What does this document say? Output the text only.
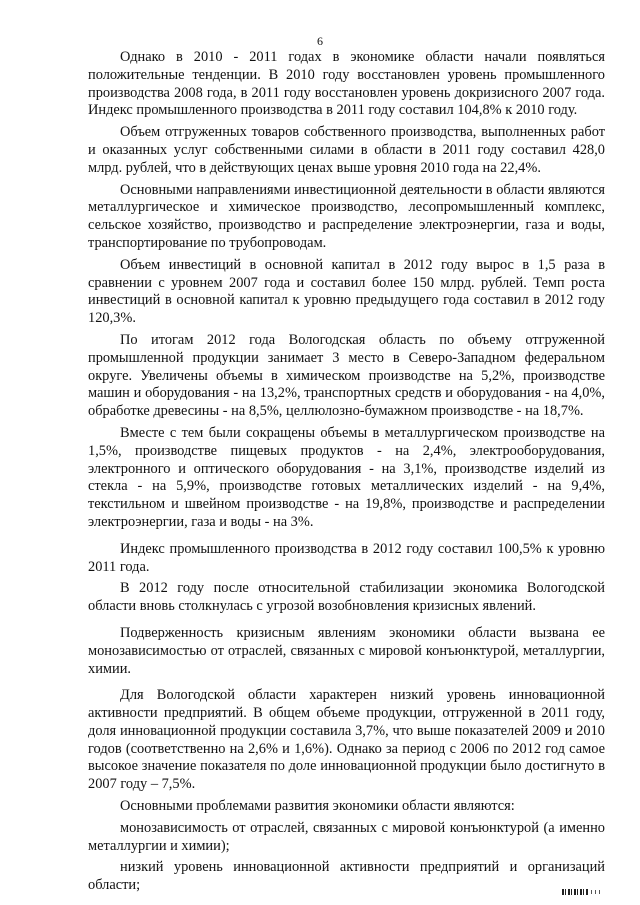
6

Однако в 2010 - 2011 годах в экономике области начали появляться положительные тенденции. В 2010 году восстановлен уровень промышленного производства 2008 года, в 2011 году восстановлен уровень докризисного 2007 года. Индекс промышленного производства в 2011 году составил 104,8% к 2010 году.

Объем отгруженных товаров собственного производства, выполненных работ и оказанных услуг собственными силами в области в 2011 году составил 428,0 млрд. рублей, что в действующих ценах выше уровня 2010 года на 22,4%.

Основными направлениями инвестиционной деятельности в области являются металлургическое и химическое производство, лесопромышленный комплекс, сельское хозяйство, производство и распределение электроэнергии, газа и воды, транспортирование по трубопроводам.

Объем инвестиций в основной капитал в 2012 году вырос в 1,5 раза в сравнении с уровнем 2007 года и составил более 150 млрд. рублей. Темп роста инвестиций в основной капитал к уровню предыдущего года составил в 2012 году 120,3%.

По итогам 2012 года Вологодская область по объему отгруженной промышленной продукции занимает 3 место в Северо-Западном федеральном округе. Увеличены объемы в химическом производстве на 5,2%, производстве машин и оборудования - на 13,2%, транспортных средств и оборудования - на 4,0%, обработке древесины - на 8,5%, целлюлозно-бумажном производстве - на 18,7%.

Вместе с тем были сокращены объемы в металлургическом производстве на 1,5%, производстве пищевых продуктов - на 2,4%, электрооборудования, электронного и оптического оборудования - на 3,1%, производстве изделий из стекла - на 5,9%, производстве готовых металлических изделий - на 9,4%, текстильном и швейном производстве - на 19,8%, производстве и распределении электроэнергии, газа и воды - на 3%.

Индекс промышленного производства в 2012 году составил 100,5% к уровню 2011 года.

В 2012 году после относительной стабилизации экономика Вологодской области вновь столкнулась с угрозой возобновления кризисных явлений.

Подверженность кризисным явлениям экономики области вызвана ее монозависимостью от отраслей, связанных с мировой конъюнктурой, металлургии, химии.

Для Вологодской области характерен низкий уровень инновационной активности предприятий. В общем объеме продукции, отгруженной в 2011 году, доля инновационной продукции составила 3,7%, что выше показателей 2009 и 2010 годов (соответственно на 2,6% и 1,6%). Однако за период с 2006 по 2012 год самое высокое значение показателя по доле инновационной продукции было достигнуто в 2007 году – 7,5%.

Основными проблемами развития экономики области являются:

монозависимость от отраслей, связанных с мировой конъюнктурой (а именно металлургии и химии);

низкий уровень инновационной активности предприятий и организаций области;
